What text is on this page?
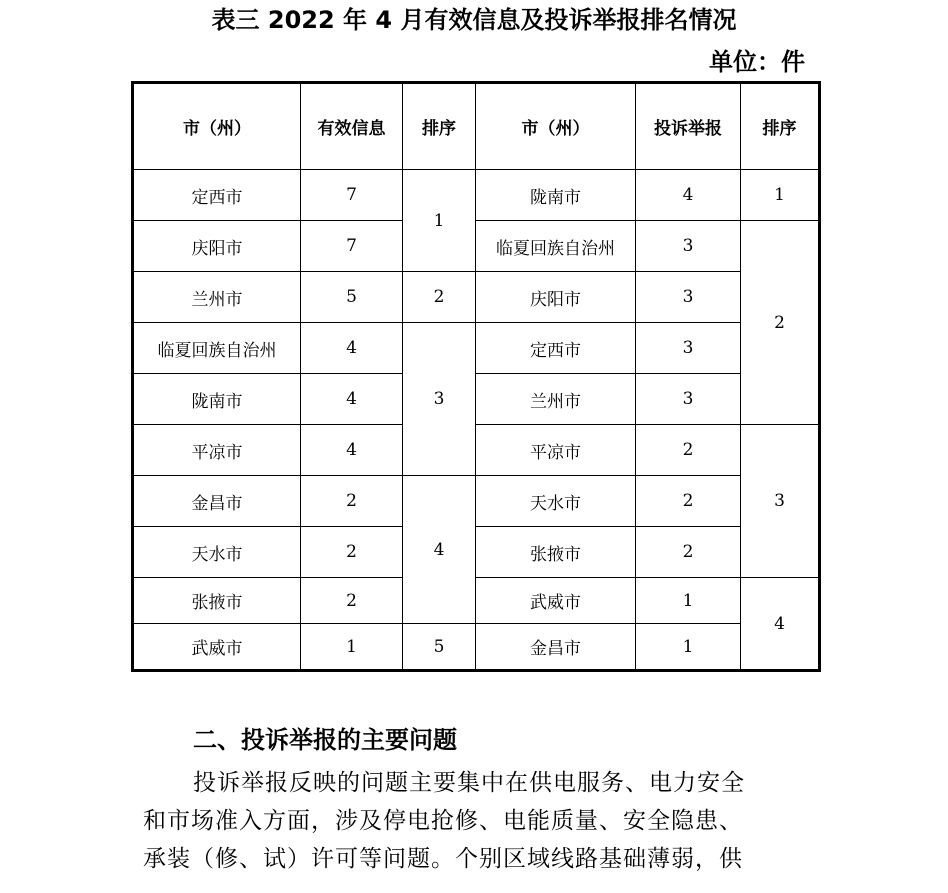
表三 2022 年 4 月有效信息及投诉举报排名情况
单位：件
市（州）	有效信息	排序	市（州）	投诉举报	排序
定西市	7	1	陇南市	4	1
庆阳市	7		临夏回族自治州	3	2
兰州市	5	2	庆阳市	3	
临夏回族自治州	4	3	定西市	3	
陇南市	4		兰州市	3	
平凉市	4		平凉市	2	3
金昌市	2	4	天水市	2	
天水市	2		张掖市	2	
张掖市	2		武威市	1	4
武威市	1	5	金昌市	1	
二、投诉举报的主要问题
投诉举报反映的问题主要集中在供电服务、电力安全
和市场准入方面，涉及停电抢修、电能质量、安全隐患、
承装（修、试）许可等问题。个别区域线路基础薄弱，供
